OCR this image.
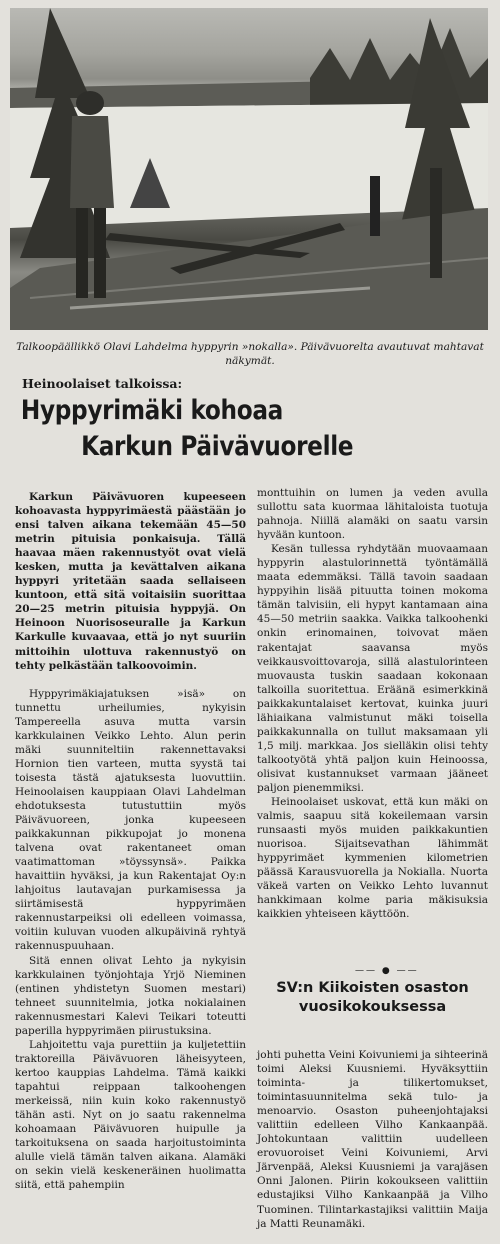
Talkoopäällikkö Olavi Lahdelma hyppyrin »nokalla». Päivävuorelta avautuvat mahtavat näkymät.
Heinoolaiset talkoissa:
Hyppyrimäki kohoaa
Karkun Päivävuorelle

Karkun Päivävuoren kupeeseen kohoavasta hyppyrimäestä päästään jo ensi talven aikana tekemään 45—50 metrin pituisia ponkaisuja. Tällä haavaa mäen rakennustyöt ovat vielä kesken, mutta ja kevättalven aikana hyppyri yritetään saada sellaiseen kuntoon, että sitä voitaisiin suorittaa 20—25 metrin pituisia hyppyjä. On Heinoon Nuorisoseuralle ja Karkun Karkulle kuvaavaa, että jo nyt suuriin mittoihin ulottuva rakennustyö on tehty pelkästään talkoovoimin.

Hyppyrimäkiajatuksen »isä» on tunnettu urheilumies, nykyisin Tampereella asuva mutta varsin karkkulainen Veikko Lehto. Alun perin mäki suunniteltiin rakennettavaksi Hornion tien varteen, mutta syystä tai toisesta tästä ajatuksesta luovuttiin. Heinoolaisen kauppiaan Olavi Lahdelman ehdotuksesta tutustuttiin myös Päivävuoreen, jonka kupeeseen paikkakunnan pikkupojat jo monena talvena ovat rakentaneet oman vaatimattoman »töyssynsä». Paikka havaittiin hyväksi, ja kun Rakentajat Oy:n lahjoitus lautavajan purkamisessa ja siirtämisestä hyppyrimäen rakennustarpeiksi oli edelleen voimassa, voitiin kuluvan vuoden alkupäivinä ryhtyä rakennuspuuhaan.

Sitä ennen olivat Lehto ja nykyisin karkkulainen työnjohtaja Yrjö Nieminen (entinen yhdistetyn Suomen mestari) tehneet suunnitelmia, jotka nokialainen rakennusmestari Kalevi Teikari toteutti paperilla hyppyrimäen piirustuksina.

Lahjoitettu vaja purettiin ja kuljetettiin traktoreilla Päivävuoren läheisyyteen, kertoo kauppias Lahdelma. Tämä kaikki tapahtui reippaan talkoohengen merkeissä, niin kuin koko rakennustyö tähän asti. Nyt on jo saatu rakennelma kohoamaan Päivävuoren huipulle ja tarkoituksena on saada harjoitustoiminta alulle vielä tämän talven aikana. Alamäki on sekin vielä keskeneräinen huolimatta siitä, että pahempiin

monttuihin on lumen ja veden avulla sullottu sata kuormaa lähitaloista tuotuja pahnoja. Niillä alamäki on saatu varsin hyvään kuntoon.

Kesän tullessa ryhdytään muovaamaan hyppyrin alastulorinnettä työntämällä maata edemmäksi. Tällä tavoin saadaan hyppyihin lisää pituutta toinen mokoma tämän talvisiin, eli hypyt kantamaan aina 45—50 metriin saakka. Vaikka talkoohenki onkin erinomainen, toivovat mäen rakentajat saavansa myös veikkausvoittovaroja, sillä alastulorinteen muovausta tuskin saadaan kokonaan talkoilla suoritettua. Eräänä esimerkkinä paikkakuntalaiset kertovat, kuinka juuri lähiaikana valmistunut mäki toisella paikkakunnalla on tullut maksamaan yli 1,5 milj. markkaa. Jos sielläkin olisi tehty talkootyötä yhtä paljon kuin Heinoossa, olisivat kustannukset varmaan jääneet paljon pienemmiksi.

Heinoolaiset uskovat, että kun mäki on valmis, saapuu sitä kokeilemaan varsin runsaasti myös muiden paikkakuntien nuorisoa. Sijaitsevathan lähimmät hyppyrimäet kymmenien kilometrien päässä Karausvuorella ja Nokialla. Nuorta väkeä varten on Veikko Lehto luvannut hankkimaan kolme paria mäkisuksia kaikkien yhteiseen käyttöön.

—— ● ——
SV:n Kiikoisten osaston
vuosikokouksessa

johti puhetta Veini Koivuniemi ja sihteerinä toimi Aleksi Kuusniemi. Hyväksyttiin toiminta- ja tilikertomukset, toimintasuunnitelma sekä tulo- ja menoarvio. Osaston puheenjohtajaksi valittiin edelleen Vilho Kankaanpää. Johtokuntaan valittiin uudelleen erovuoroiset Veini Koivuniemi, Arvi Järvenpää, Aleksi Kuusniemi ja varajäsen Onni Jalonen. Piirin kokoukseen valittiin edustajiksi Vilho Kankaanpää ja Vilho Tuominen. Tilintarkastajiksi valittiin Maija ja Matti Reunamäki.
